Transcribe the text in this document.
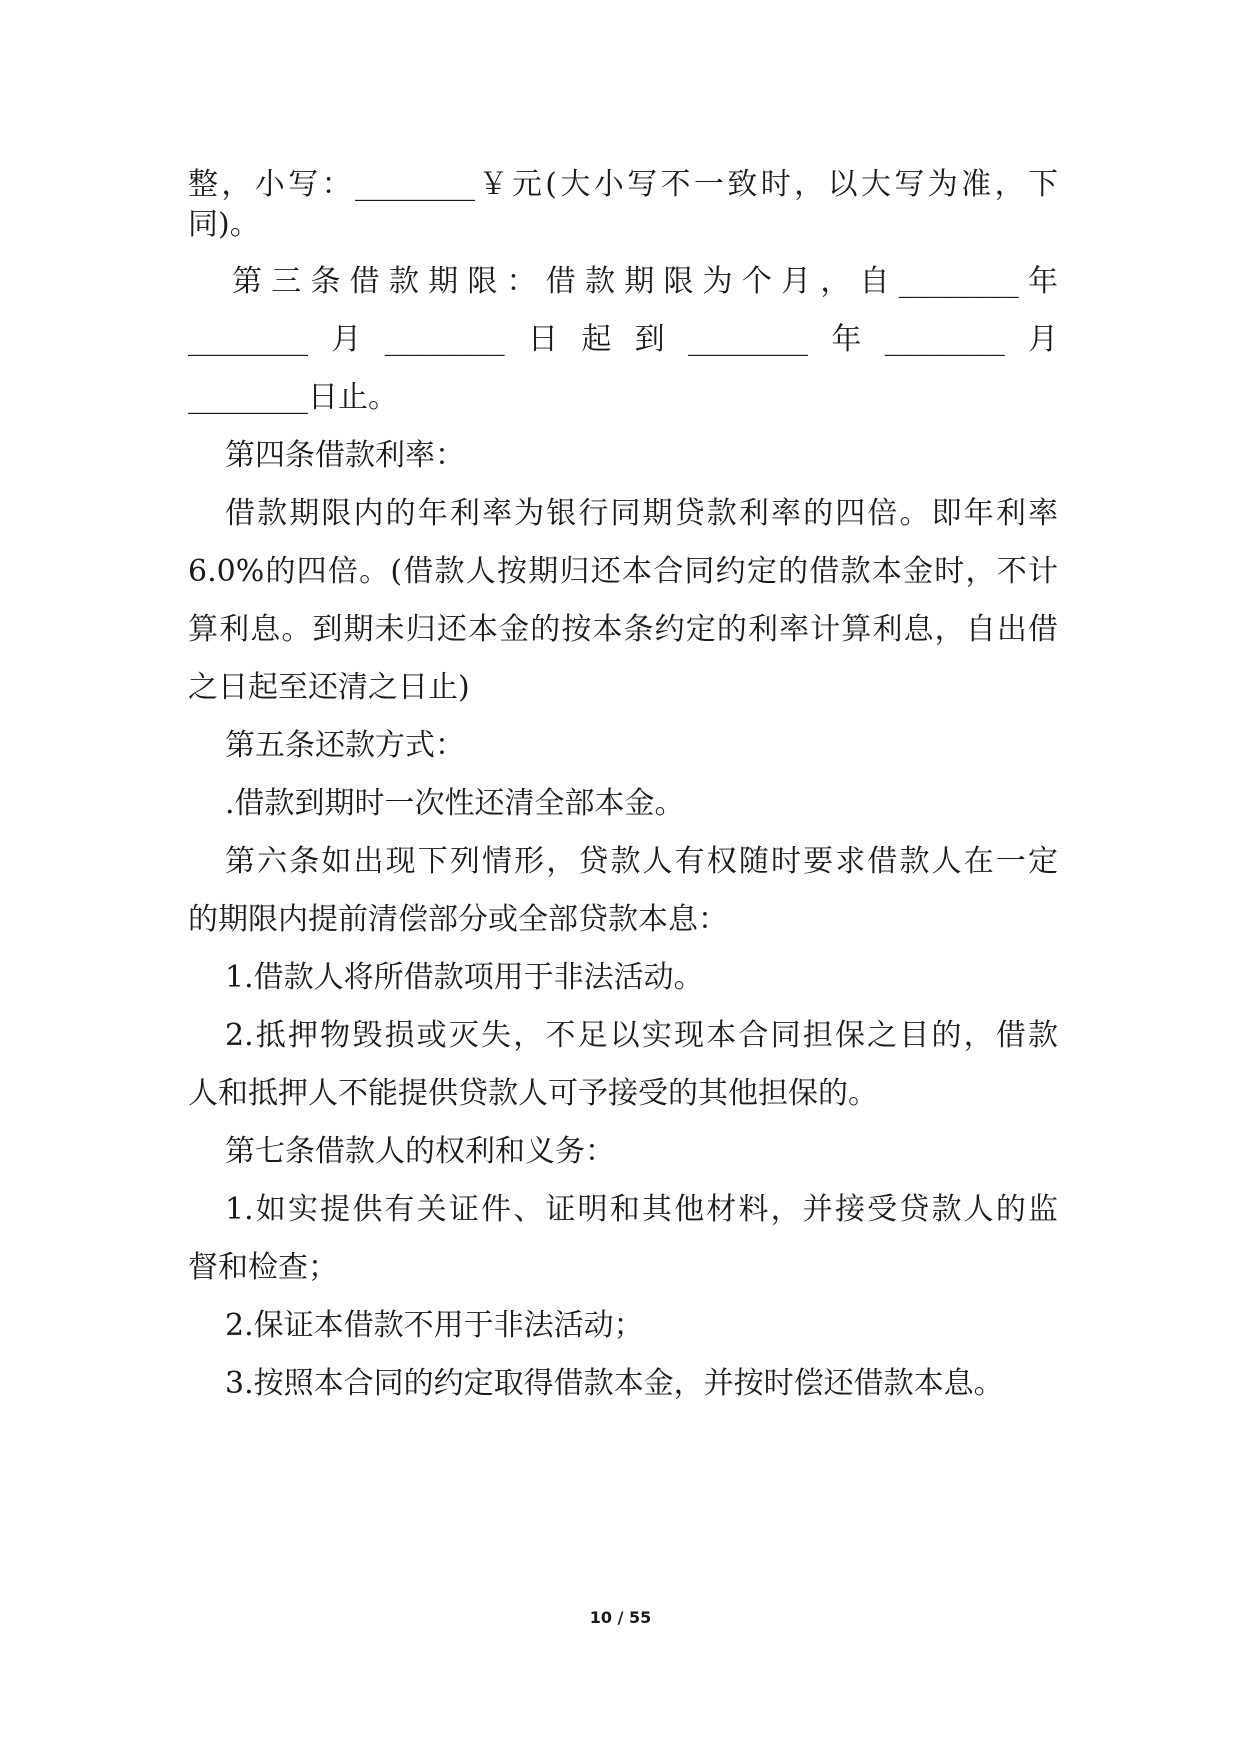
整，小写：________￥元(大小写不一致时，以大写为准，下
同)。
第三条借款期限：借款期限为个月，自________年
________月________日起到________年________月
________日止。
第四条借款利率：
借款期限内的年利率为银行同期贷款利率的四倍。即年利率
6.0%的四倍。(借款人按期归还本合同约定的借款本金时，不计
算利息。到期未归还本金的按本条约定的利率计算利息，自出借
之日起至还清之日止)
第五条还款方式：
.借款到期时一次性还清全部本金。
第六条如出现下列情形，贷款人有权随时要求借款人在一定
的期限内提前清偿部分或全部贷款本息：
1.借款人将所借款项用于非法活动。
2.抵押物毁损或灭失，不足以实现本合同担保之目的，借款
人和抵押人不能提供贷款人可予接受的其他担保的。
第七条借款人的权利和义务：
1.如实提供有关证件、证明和其他材料，并接受贷款人的监
督和检查；
2.保证本借款不用于非法活动；
3.按照本合同的约定取得借款本金，并按时偿还借款本息。
10 / 55
